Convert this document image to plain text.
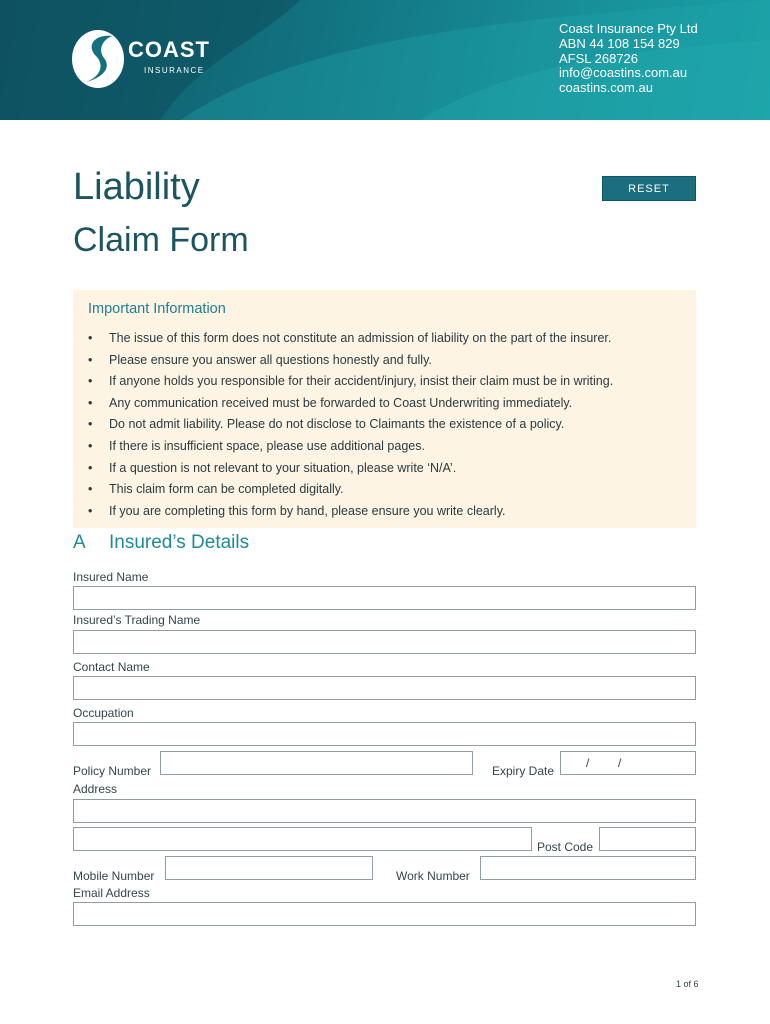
COAST
INSURANCE
Coast Insurance Pty Ltd
ABN 44 108 154 829
AFSL 268726
info@coastins.com.au
coastins.com.au
Liability
Claim Form
RESET
Important Information
• The issue of this form does not constitute an admission of liability on the part of the insurer.
• Please ensure you answer all questions honestly and fully.
• If anyone holds you responsible for their accident/injury, insist their claim must be in writing.
• Any communication received must be forwarded to Coast Underwriting immediately.
• Do not admit liability. Please do not disclose to Claimants the existence of a policy.
• If there is insufficient space, please use additional pages.
• If a question is not relevant to your situation, please write ‘N/A’.
• This claim form can be completed digitally.
• If you are completing this form by hand, please ensure you write clearly.
A Insured’s Details
Insured Name
Insured’s Trading Name
Contact Name
Occupation
Policy Number	Expiry Date
/ /
Address
Post Code
Mobile Number	Work Number
Email Address
1 of 6
